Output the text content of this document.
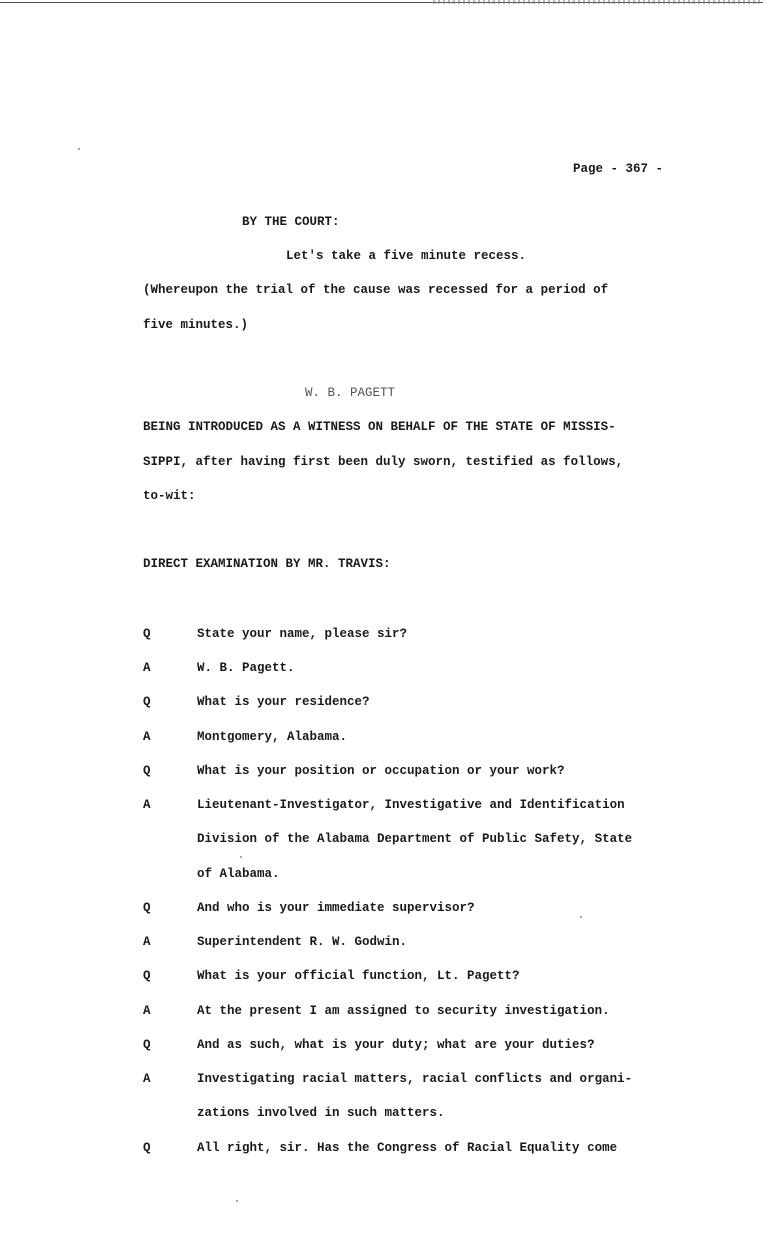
Page - 367 -
BY THE COURT:
Let's take a five minute recess.
(Whereupon the trial of the cause was recessed for a period of
five minutes.)
W. B. PAGETT
BEING INTRODUCED AS A WITNESS ON BEHALF OF THE STATE OF MISSIS-
SIPPI, after having first been duly sworn, testified as follows,
to-wit:
DIRECT EXAMINATION BY MR. TRAVIS:
Q	State your name, please sir?
A	W. B. Pagett.
Q	What is your residence?
A	Montgomery, Alabama.
Q	What is your position or occupation or your work?
A	Lieutenant-Investigator, Investigative and Identification
Division of the Alabama Department of Public Safety, State
of Alabama.
Q	And who is your immediate supervisor?
A	Superintendent R. W. Godwin.
Q	What is your official function, Lt. Pagett?
A	At the present I am assigned to security investigation.
Q	And as such, what is your duty; what are your duties?
A	Investigating racial matters, racial conflicts and organi-
zations involved in such matters.
Q	All right, sir. Has the Congress of Racial Equality come
